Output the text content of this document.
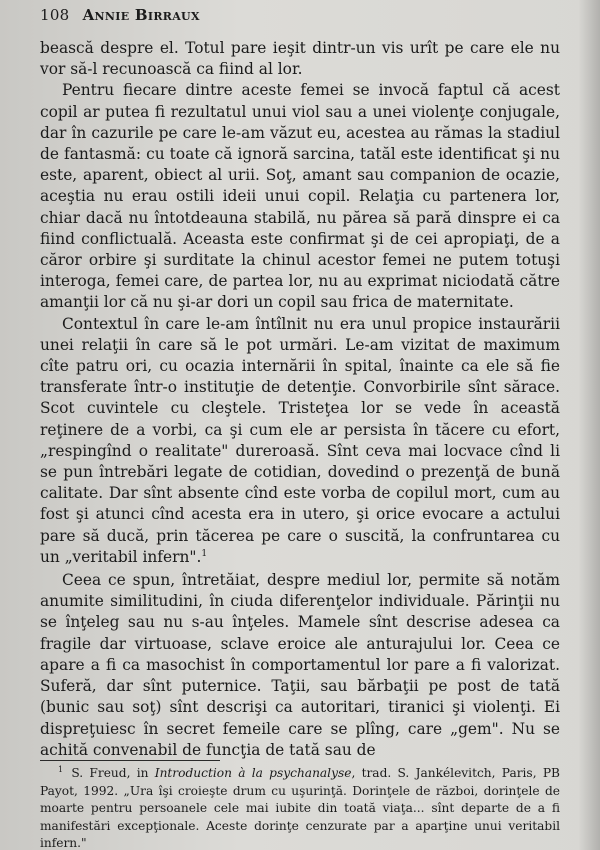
108 Annie Birraux

bească despre el. Totul pare ieşit dintr-un vis urît pe care ele nu vor să-l recunoască ca fiind al lor.

Pentru fiecare dintre aceste femei se invocă faptul că acest copil ar putea fi rezultatul unui viol sau a unei violenţe conjugale, dar în cazurile pe care le-am văzut eu, acestea au rămas la stadiul de fantasmă: cu toate că ignoră sarcina, tatăl este identificat şi nu este, aparent, obiect al urii. Soţ, amant sau companion de ocazie, aceştia nu erau ostili ideii unui copil. Relaţia cu partenera lor, chiar dacă nu întotdeauna stabilă, nu părea să pară dinspre ei ca fiind conflictuală. Aceasta este confirmat şi de cei apropiaţi, de a căror orbire şi surditate la chinul acestor femei ne putem totuşi interoga, femei care, de partea lor, nu au exprimat niciodată către amanţii lor că nu şi-ar dori un copil sau frica de maternitate.

Contextul în care le-am întîlnit nu era unul propice instaurării unei relaţii în care să le pot urmări. Le-am vizitat de maximum cîte patru ori, cu ocazia internării în spital, înainte ca ele să fie transferate într-o instituţie de detenţie. Convorbirile sînt sărace. Scot cuvintele cu cleştele. Tristeţea lor se vede în această reţinere de a vorbi, ca şi cum ele ar persista în tăcere cu efort, „respingînd o realitate" dureroasă. Sînt ceva mai locvace cînd li se pun întrebări legate de cotidian, dovedind o prezenţă de bună calitate. Dar sînt absente cînd este vorba de copilul mort, cum au fost şi atunci cînd acesta era in utero, şi orice evocare a actului pare să ducă, prin tăcerea pe care o suscită, la confruntarea cu un „veritabil infern".$^1$

Ceea ce spun, întretăiat, despre mediul lor, permite să notăm anumite similitudini, în ciuda diferenţelor individuale. Părinţii nu se înţeleg sau nu s-au înţeles. Mamele sînt descrise adesea ca fragile dar virtuoase, sclave eroice ale anturajului lor. Ceea ce apare a fi ca masochist în comportamentul lor pare a fi valorizat. Suferă, dar sînt puternice. Taţii, sau bărbaţii pe post de tată (bunic sau soţ) sînt descrişi ca autoritari, tiranici şi violenţi. Ei dispreţuiesc în secret femeile care se plîng, care „gem". Nu se achită convenabil de funcţia de tată sau de

$^1$ S. Freud, in Introduction à la psychanalyse, trad. S. Jankélevitch, Paris, PB Payot, 1992. „Ura îşi croieşte drum cu uşurinţă. Dorinţele de război, dorinţele de moarte pentru persoanele cele mai iubite din toată viaţa... sînt departe de a fi manifestări excepţionale. Aceste dorinţe cenzurate par a aparţine unui veritabil infern."
